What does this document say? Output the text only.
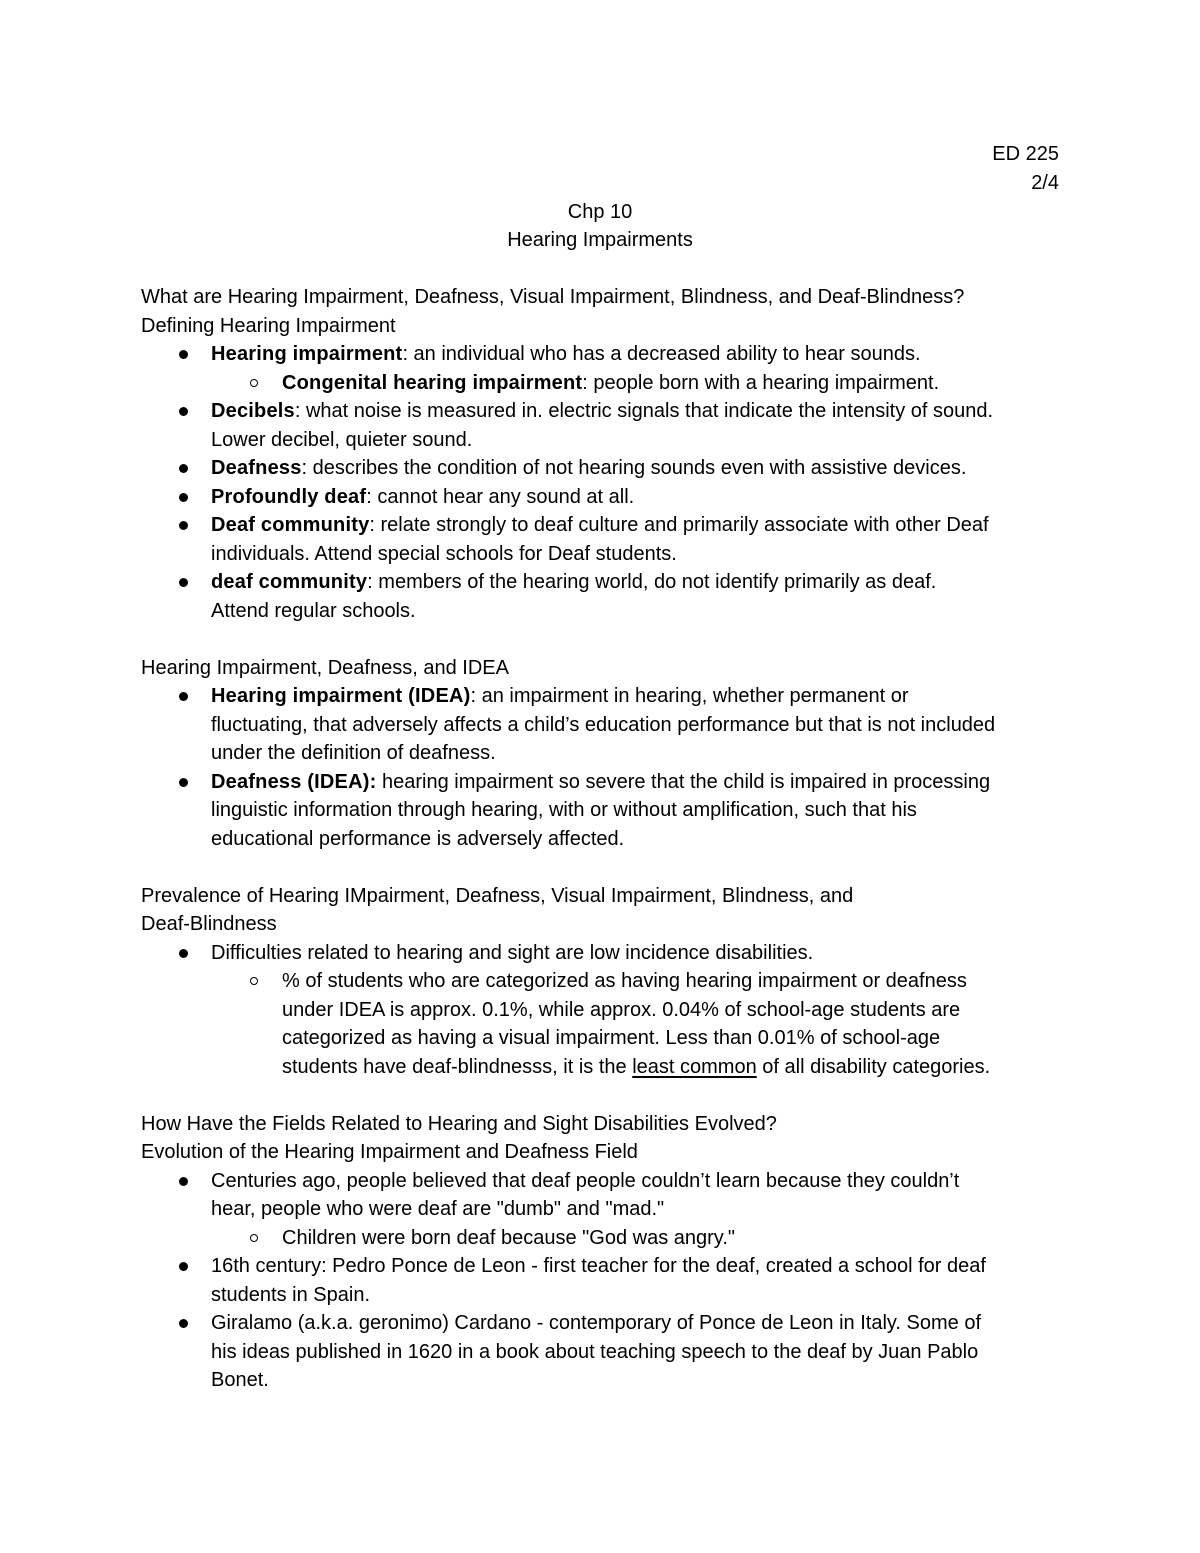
ED 225
2/4
Chp 10
Hearing Impairments
What are Hearing Impairment, Deafness, Visual Impairment, Blindness, and Deaf-Blindness?
Defining Hearing Impairment
Hearing impairment: an individual who has a decreased ability to hear sounds.
Congenital hearing impairment: people born with a hearing impairment.
Decibels: what noise is measured in. electric signals that indicate the intensity of sound.
Lower decibel, quieter sound.
Deafness: describes the condition of not hearing sounds even with assistive devices.
Profoundly deaf: cannot hear any sound at all.
Deaf community: relate strongly to deaf culture and primarily associate with other Deaf
individuals. Attend special schools for Deaf students.
deaf community: members of the hearing world, do not identify primarily as deaf.
Attend regular schools.
Hearing Impairment, Deafness, and IDEA
Hearing impairment (IDEA): an impairment in hearing, whether permanent or
fluctuating, that adversely affects a child’s education performance but that is not included
under the definition of deafness.
Deafness (IDEA): hearing impairment so severe that the child is impaired in processing
linguistic information through hearing, with or without amplification, such that his
educational performance is adversely affected.
Prevalence of Hearing IMpairment, Deafness, Visual Impairment, Blindness, and
Deaf-Blindness
Difficulties related to hearing and sight are low incidence disabilities.
% of students who are categorized as having hearing impairment or deafness
under IDEA is approx. 0.1%, while approx. 0.04% of school-age students are
categorized as having a visual impairment. Less than 0.01% of school-age
students have deaf-blindnesss, it is the least common of all disability categories.
How Have the Fields Related to Hearing and Sight Disabilities Evolved?
Evolution of the Hearing Impairment and Deafness Field
Centuries ago, people believed that deaf people couldn’t learn because they couldn’t
hear, people who were deaf are "dumb" and "mad."
Children were born deaf because "God was angry."
16th century: Pedro Ponce de Leon - first teacher for the deaf, created a school for deaf
students in Spain.
Giralamo (a.k.a. geronimo) Cardano - contemporary of Ponce de Leon in Italy. Some of
his ideas published in 1620 in a book about teaching speech to the deaf by Juan Pablo
Bonet.
